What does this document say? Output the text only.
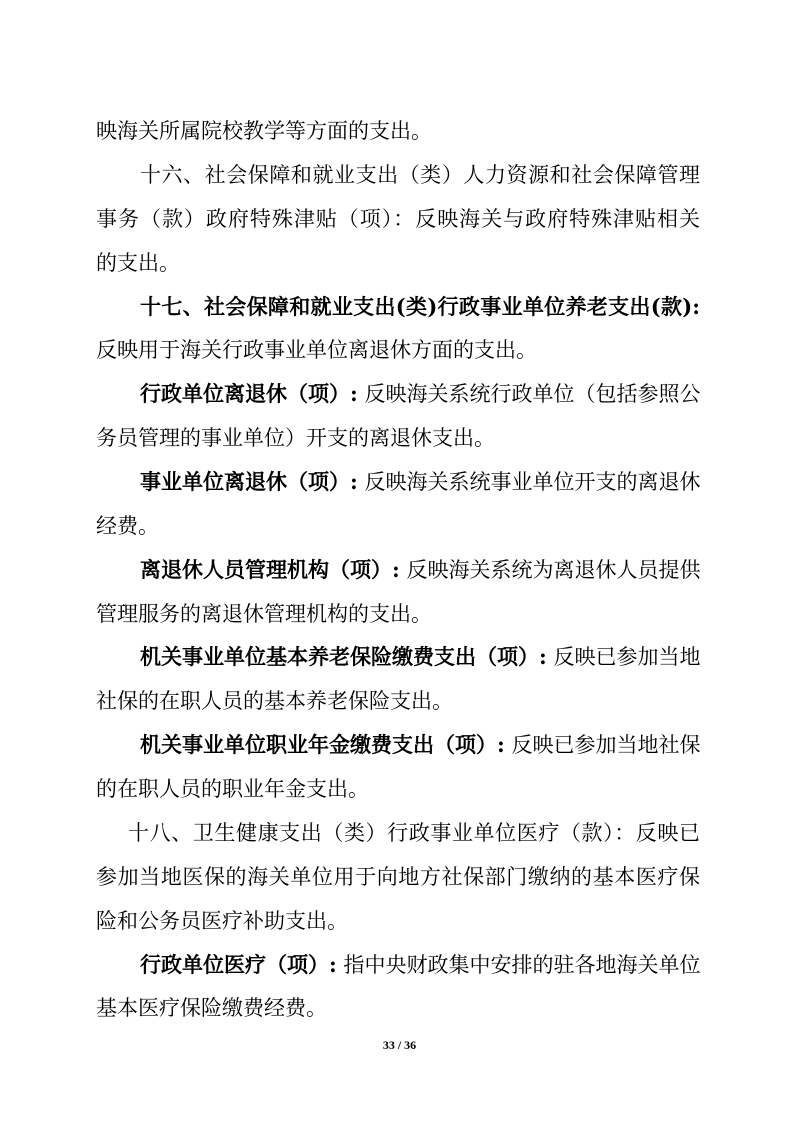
映海关所属院校教学等方面的支出。
十六、社会保障和就业支出（类）人力资源和社会保障管理
事务（款）政府特殊津贴（项）：反映海关与政府特殊津贴相关
的支出。
十七、社会保障和就业支出(类)行政事业单位养老支出(款):
反映用于海关行政事业单位离退休方面的支出。
行政单位离退休（项）: 反映海关系统行政单位（包括参照公
务员管理的事业单位）开支的离退休支出。
事业单位离退休（项）: 反映海关系统事业单位开支的离退休
经费。
离退休人员管理机构（项）: 反映海关系统为离退休人员提供
管理服务的离退休管理机构的支出。
机关事业单位基本养老保险缴费支出（项）: 反映已参加当地
社保的在职人员的基本养老保险支出。
机关事业单位职业年金缴费支出（项）: 反映已参加当地社保
的在职人员的职业年金支出。
十八、卫生健康支出（类）行政事业单位医疗（款）：反映已
参加当地医保的海关单位用于向地方社保部门缴纳的基本医疗保
险和公务员医疗补助支出。
行政单位医疗（项）: 指中央财政集中安排的驻各地海关单位
基本医疗保险缴费经费。
33 / 36
